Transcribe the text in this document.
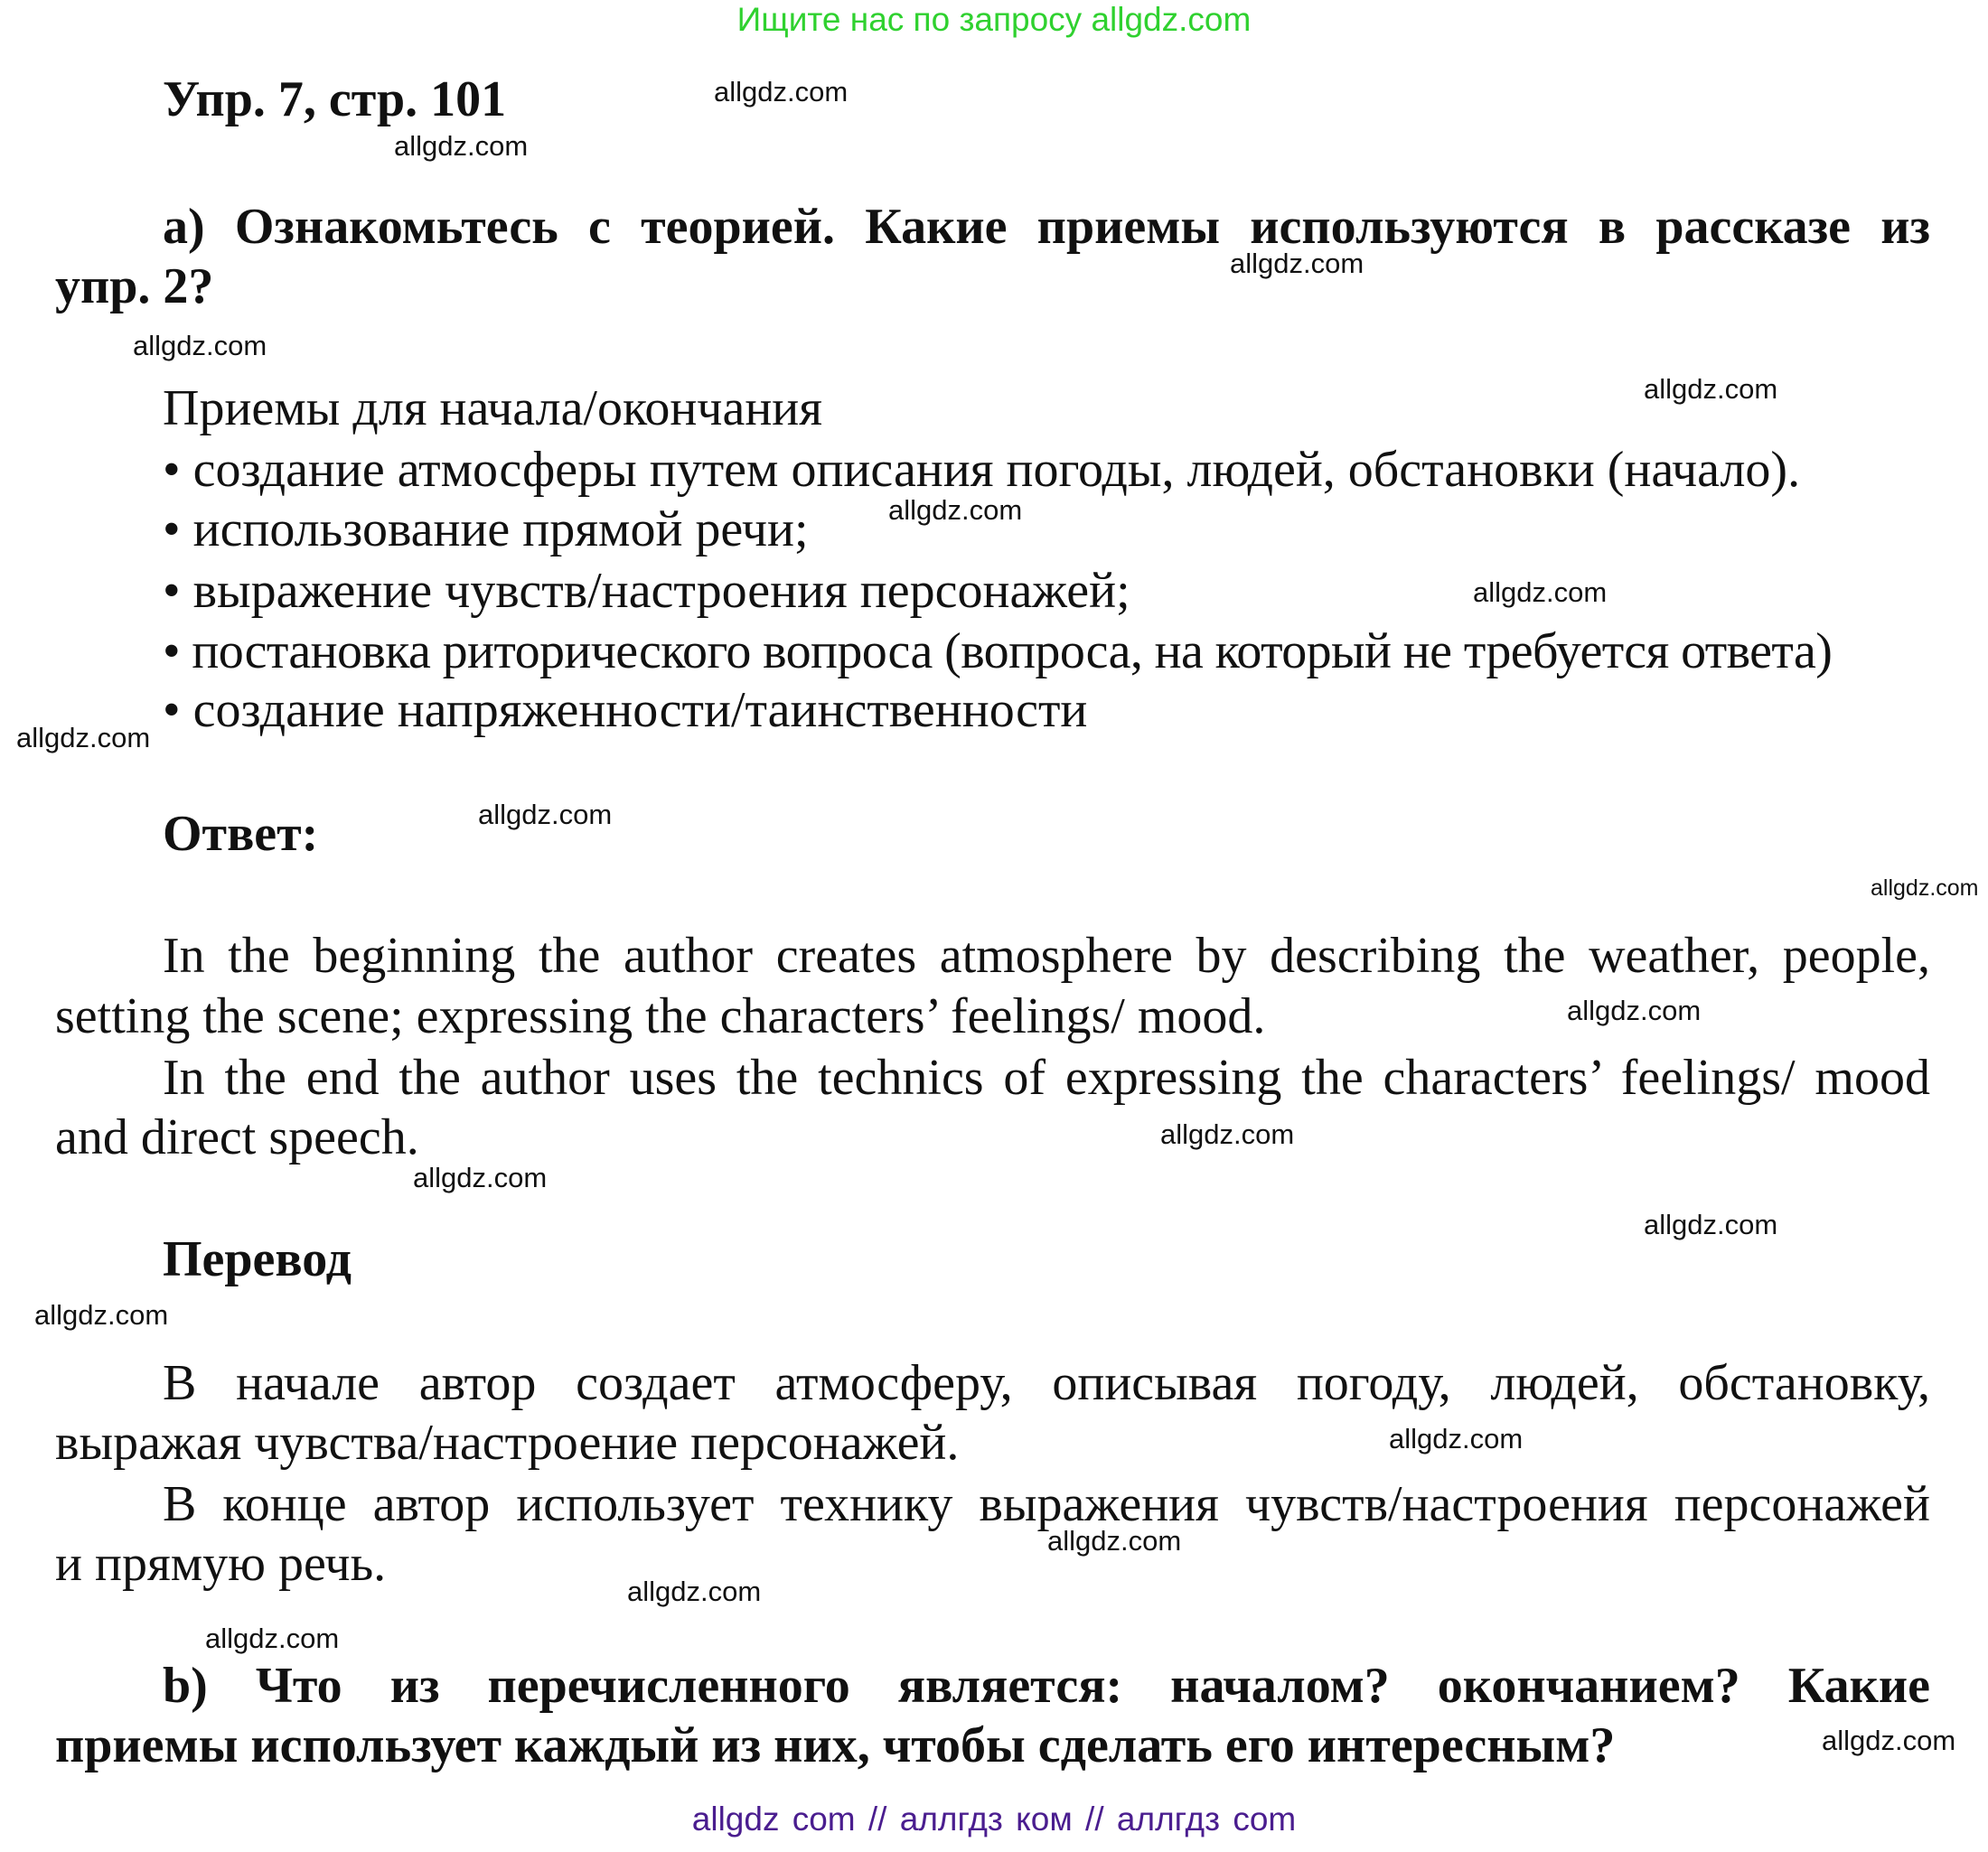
Ищите нас по запросу allgdz.com
Упр. 7, стр. 101
а) Ознакомьтесь с теорией. Какие приемы используются в рассказе из
упр. 2?
Приемы для начала/окончания
• создание атмосферы путем описания погоды, людей, обстановки (начало).
• использование прямой речи;
• выражение чувств/настроения персонажей;
• постановка риторического вопроса (вопроса, на который не требуется ответа)
• создание напряженности/таинственности
Ответ:
In the beginning the author creates atmosphere by describing the weather, people,
setting the scene; expressing the characters’ feelings/ mood.
In the end the author uses the technics of expressing the characters’ feelings/ mood
and direct speech.
Перевод
В начале автор создает атмосферу, описывая погоду, людей, обстановку,
выражая чувства/настроение персонажей.
В конце автор использует технику выражения чувств/настроения персонажей
и прямую речь.
b) Что из перечисленного является: началом? окончанием? Какие
приемы использует каждый из них, чтобы сделать его интересным?
allgdz.com
allgdz.com
allgdz.com
allgdz.com
allgdz.com
allgdz.com
allgdz.com
allgdz.com
allgdz.com
allgdz.com
allgdz.com
allgdz.com
allgdz.com
allgdz.com
allgdz.com
allgdz.com
allgdz.com
allgdz.com
allgdz.com
allgdz.com
allgdz com // аллгдз ком // аллгдз com
